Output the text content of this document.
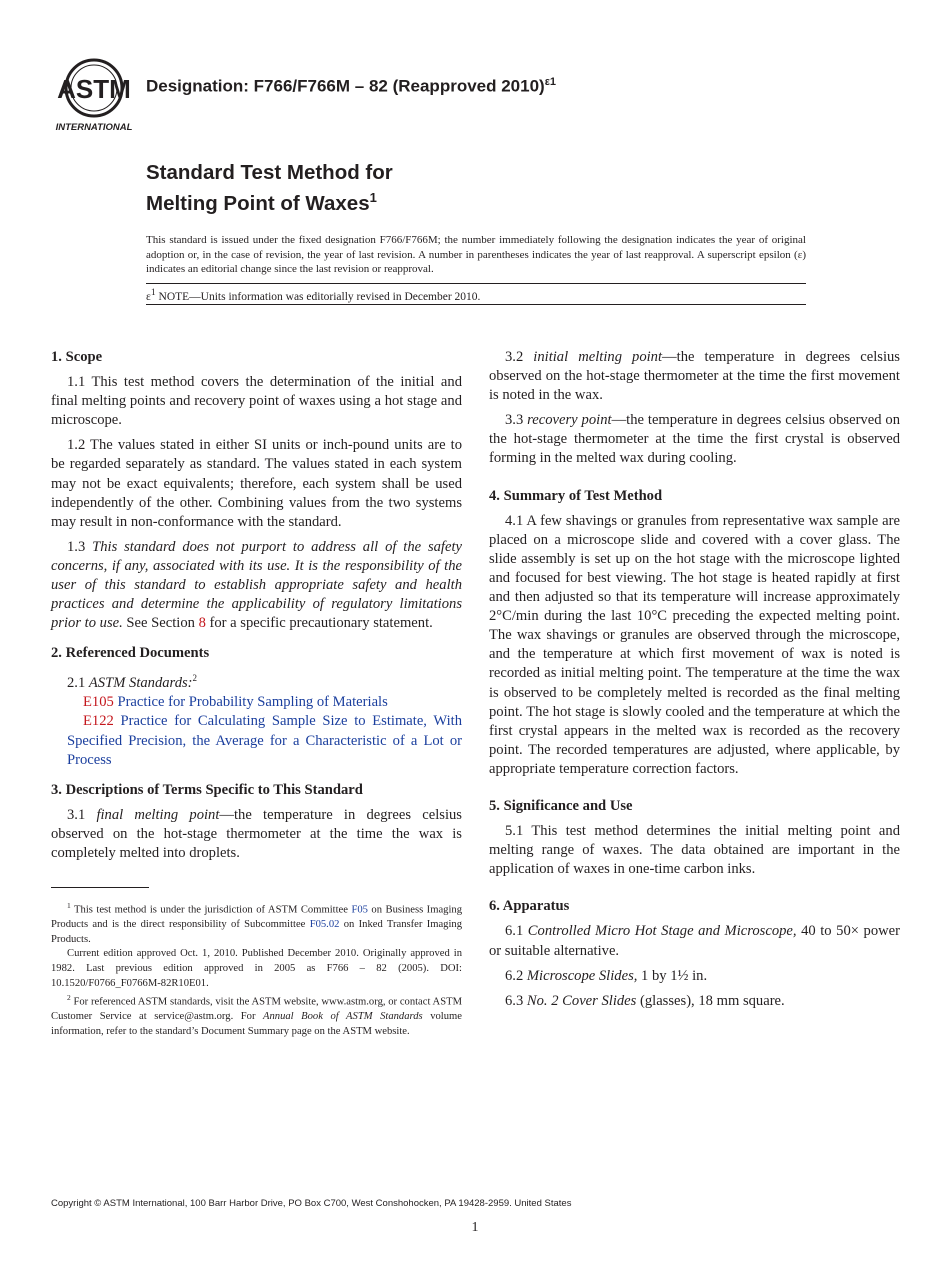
ASTM
INTERNATIONAL
Designation: F766/F766M – 82 (Reapproved 2010)$^{\varepsilon 1}$
Standard Test Method for
Melting Point of Waxes$^1$
This standard is issued under the fixed designation F766/F766M; the number immediately following the designation indicates the year of original adoption or, in the case of revision, the year of last revision. A number in parentheses indicates the year of last reapproval. A superscript epsilon (ε) indicates an editorial change since the last revision or reapproval.
$\varepsilon^1$ NOTE—Units information was editorially revised in December 2010.
1. Scope

1.1 This test method covers the determination of the initial and final melting points and recovery point of waxes using a hot stage and microscope.

1.2 The values stated in either SI units or inch-pound units are to be regarded separately as standard. The values stated in each system may not be exact equivalents; therefore, each system shall be used independently of the other. Combining values from the two systems may result in non-conformance with the standard.

1.3 This standard does not purport to address all of the safety concerns, if any, associated with its use. It is the responsibility of the user of this standard to establish appropriate safety and health practices and determine the applicability of regulatory limitations prior to use. See Section 8 for a specific precautionary statement.

2. Referenced Documents

2.1 ASTM Standards:$^2$

E105 Practice for Probability Sampling of Materials

E122 Practice for Calculating Sample Size to Estimate, With Specified Precision, the Average for a Characteristic of a Lot or Process

3. Descriptions of Terms Specific to This Standard

3.1 final melting point—the temperature in degrees celsius observed on the hot-stage thermometer at the time the wax is completely melted into droplets.

$^1$ This test method is under the jurisdiction of ASTM Committee F05 on Business Imaging Products and is the direct responsibility of Subcommittee F05.02 on Inked Transfer Imaging Products.

Current edition approved Oct. 1, 2010. Published December 2010. Originally approved in 1982. Last previous edition approved in 2005 as F766 – 82 (2005). DOI: 10.1520/F0766_F0766M-82R10E01.

$^2$ For referenced ASTM standards, visit the ASTM website, www.astm.org, or contact ASTM Customer Service at service@astm.org. For Annual Book of ASTM Standards volume information, refer to the standard’s Document Summary page on the ASTM website.

3.2 initial melting point—the temperature in degrees celsius observed on the hot-stage thermometer at the time the first movement is noted in the wax.

3.3 recovery point—the temperature in degrees celsius observed on the hot-stage thermometer at the time the first crystal is observed forming in the melted wax during cooling.

4. Summary of Test Method

4.1 A few shavings or granules from representative wax sample are placed on a microscope slide and covered with a cover glass. The slide assembly is set up on the hot stage with the microscope lighted and focused for best viewing. The hot stage is heated rapidly at first and then adjusted so that its temperature will increase approximately 2°C/min during the last 10°C preceding the expected melting point. The wax shavings or granules are observed through the microscope, and the temperature at which first movement of wax is noted is recorded as initial melting point. The temperature at the time the wax is observed to be completely melted is recorded as the final melting point. The hot stage is slowly cooled and the temperature at which the first crystal appears in the melted wax is recorded as the recovery point. The recorded temperatures are adjusted, where applicable, by appropriate temperature correction factors.

5. Significance and Use

5.1 This test method determines the initial melting point and melting range of waxes. The data obtained are important in the application of waxes in one-time carbon inks.

6. Apparatus

6.1 Controlled Micro Hot Stage and Microscope, 40 to 50× power or suitable alternative.

6.2 Microscope Slides, 1 by 1½ in.

6.3 No. 2 Cover Slides (glasses), 18 mm square.

Copyright © ASTM International, 100 Barr Harbor Drive, PO Box C700, West Conshohocken, PA 19428-2959. United States
1
